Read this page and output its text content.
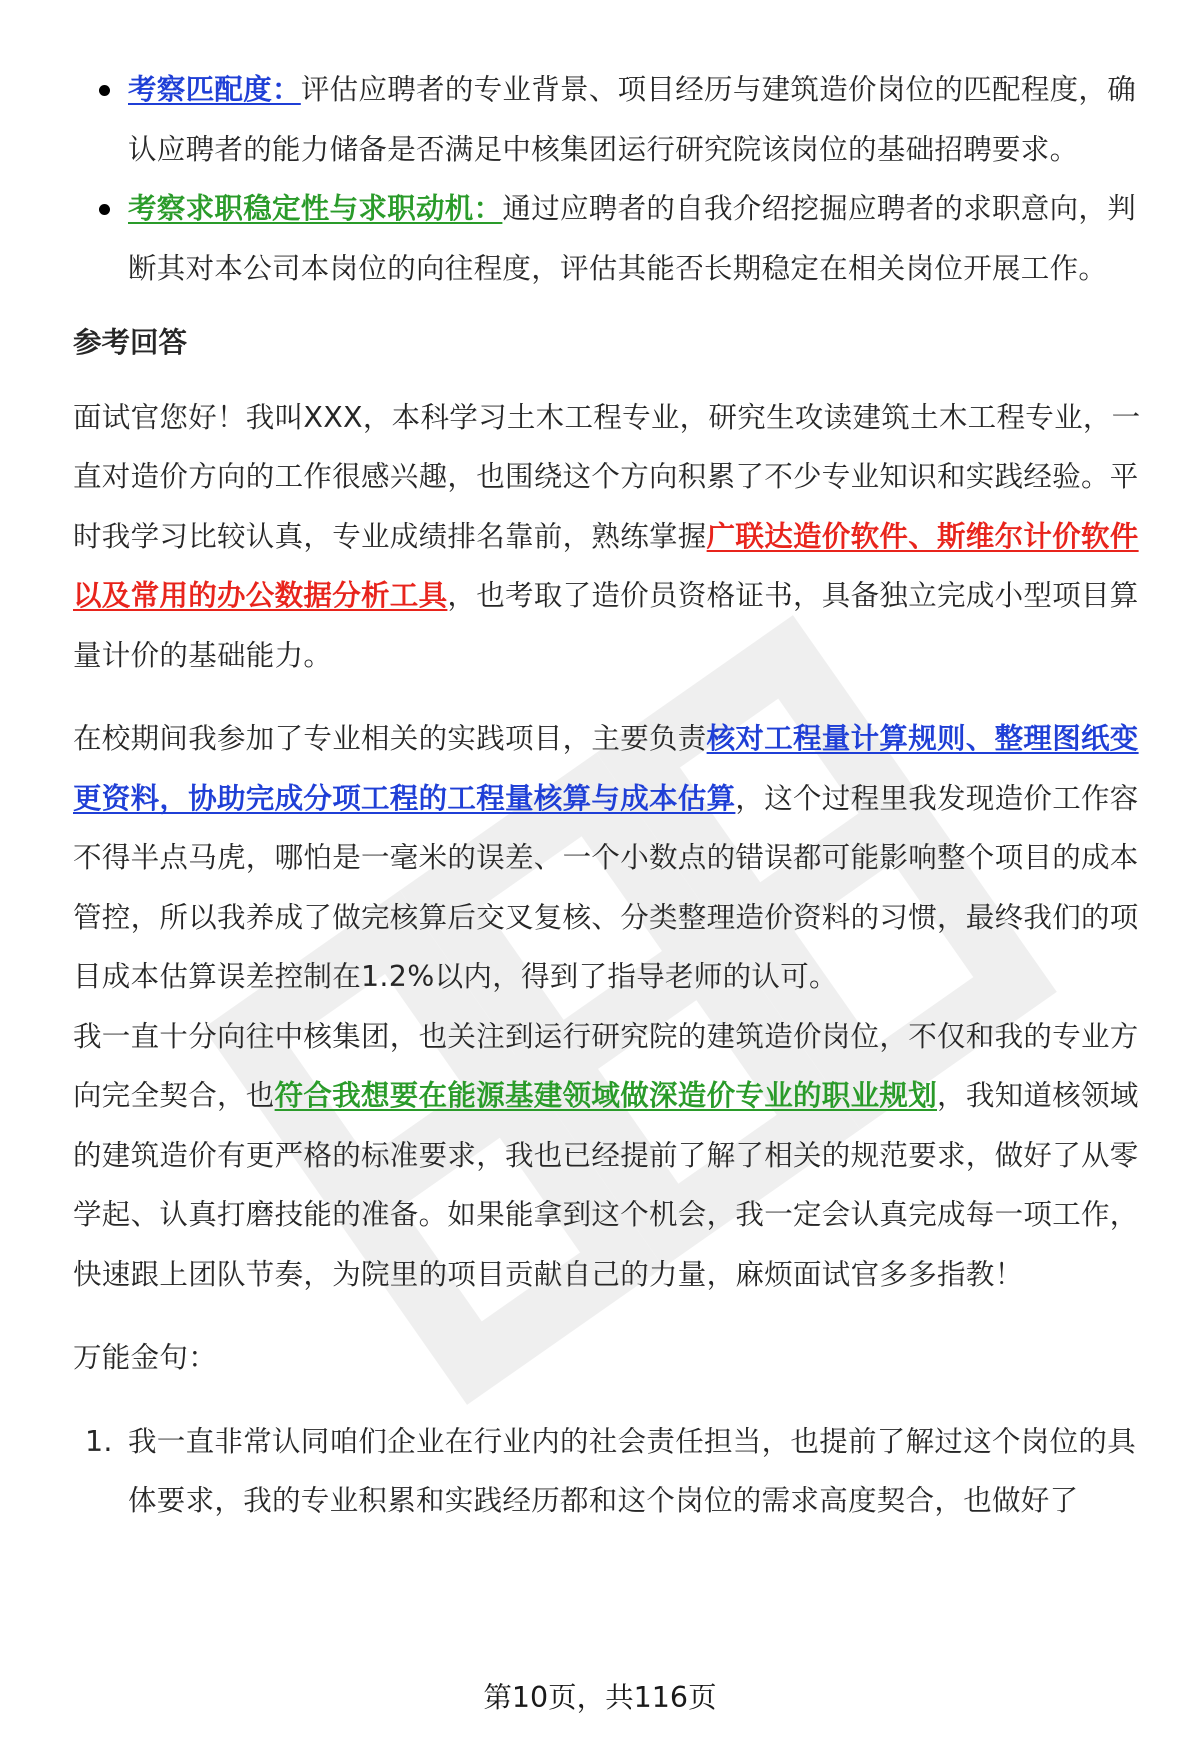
考察匹配度：评估应聘者的专业背景、项目经历与建筑造价岗位的匹配程度，确认应聘者的能力储备是否满足中核集团运行研究院该岗位的基础招聘要求。
考察求职稳定性与求职动机：通过应聘者的自我介绍挖掘应聘者的求职意向，判断其对本公司本岗位的向往程度，评估其能否长期稳定在相关岗位开展工作。

参考回答

面试官您好！我叫XXX，本科学习土木工程专业，研究生攻读建筑土木工程专业，一直对造价方向的工作很感兴趣，也围绕这个方向积累了不少专业知识和实践经验。平时我学习比较认真，专业成绩排名靠前，熟练掌握广联达造价软件、斯维尔计价软件以及常用的办公数据分析工具，也考取了造价员资格证书，具备独立完成小型项目算量计价的基础能力。

在校期间我参加了专业相关的实践项目，主要负责核对工程量计算规则、整理图纸变更资料，协助完成分项工程的工程量核算与成本估算，这个过程里我发现造价工作容不得半点马虎，哪怕是一毫米的误差、一个小数点的错误都可能影响整个项目的成本管控，所以我养成了做完核算后交叉复核、分类整理造价资料的习惯，最终我们的项目成本估算误差控制在1.2%以内，得到了指导老师的认可。

我一直十分向往中核集团，也关注到运行研究院的建筑造价岗位，不仅和我的专业方向完全契合，也符合我想要在能源基建领域做深造价专业的职业规划，我知道核领域的建筑造价有更严格的标准要求，我也已经提前了解了相关的规范要求，做好了从零学起、认真打磨技能的准备。如果能拿到这个机会，我一定会认真完成每一项工作，快速跟上团队节奏，为院里的项目贡献自己的力量，麻烦面试官多多指教！

万能金句：

1. 我一直非常认同咱们企业在行业内的社会责任担当，也提前了解过这个岗位的具体要求，我的专业积累和实践经历都和这个岗位的需求高度契合，也做好了
第10页，共116页
